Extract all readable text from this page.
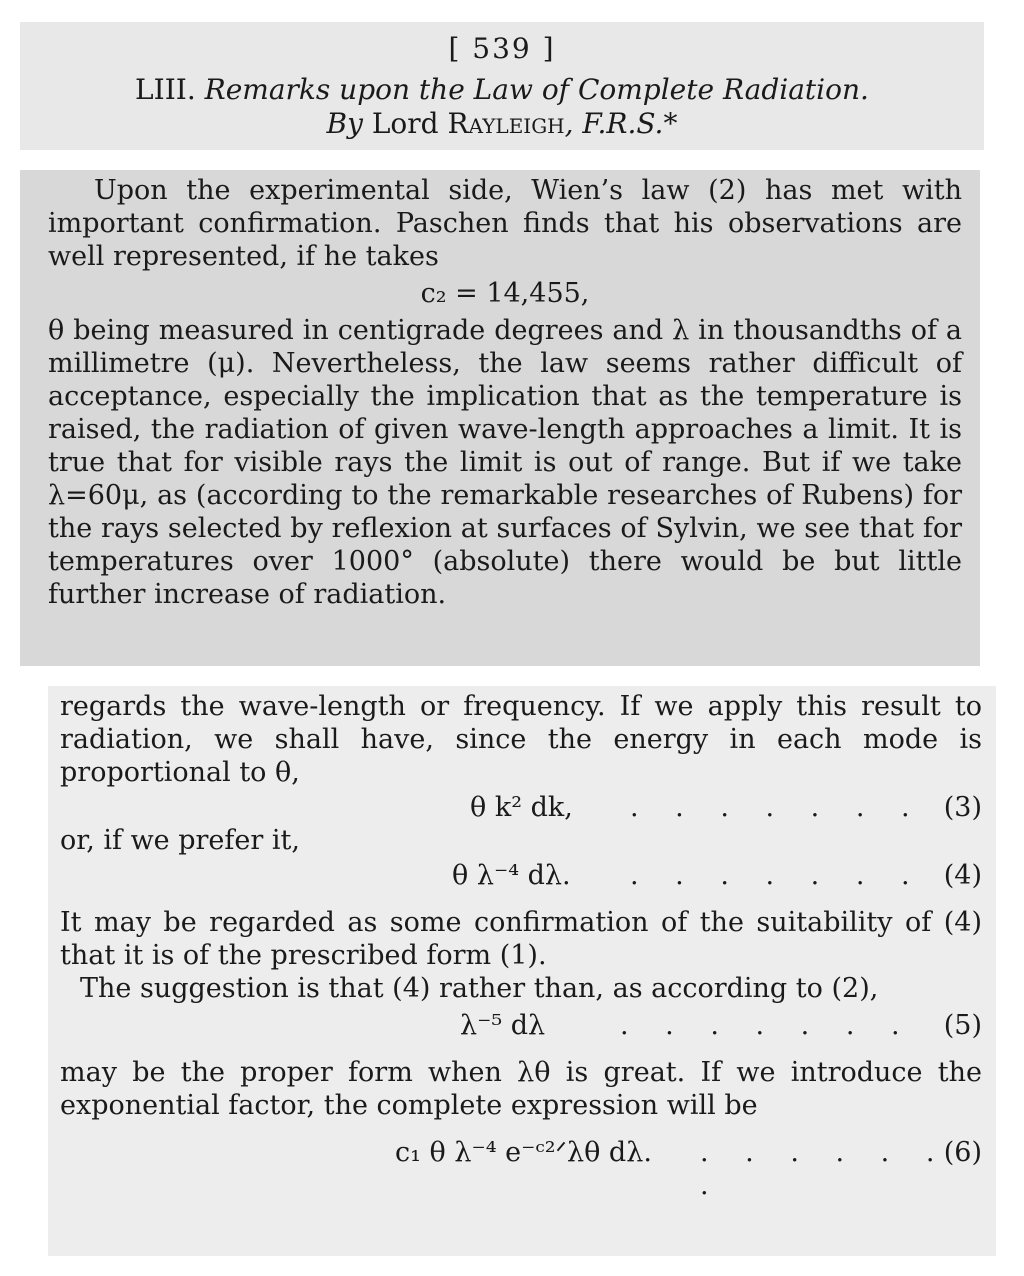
[ 539 ]
LIII. Remarks upon the Law of Complete Radiation.
By Lord Rayleigh, F.R.S.*

Upon the experimental side, Wien’s law (2) has met with important confirmation. Paschen finds that his observations are well represented, if he takes

c₂ = 14,455,

θ being measured in centigrade degrees and λ in thousandths of a millimetre (μ). Nevertheless, the law seems rather difficult of acceptance, especially the implication that as the temperature is raised, the radiation of given wave-length approaches a limit. It is true that for visible rays the limit is out of range. But if we take λ=60μ, as (according to the remarkable researches of Rubens) for the rays selected by reflexion at surfaces of Sylvin, we see that for temperatures over 1000° (absolute) there would be but little further increase of radiation.

regards the wave-length or frequency. If we apply this result to radiation, we shall have, since the energy in each mode is proportional to θ,

θ k² dk, . . . . . . . (3)

or, if we prefer it,

θ λ⁻⁴ dλ. . . . . . . . (4)

It may be regarded as some confirmation of the suitability of (4) that it is of the prescribed form (1).

The suggestion is that (4) rather than, as according to (2),

λ⁻⁵ dλ	. . . . . . . (5)

may be the proper form when λθ is great. If we introduce the exponential factor, the complete expression will be

c₁ θ λ⁻⁴ e⁻ᶜ²ᐟλθ dλ. . . . . . . .
(6)
